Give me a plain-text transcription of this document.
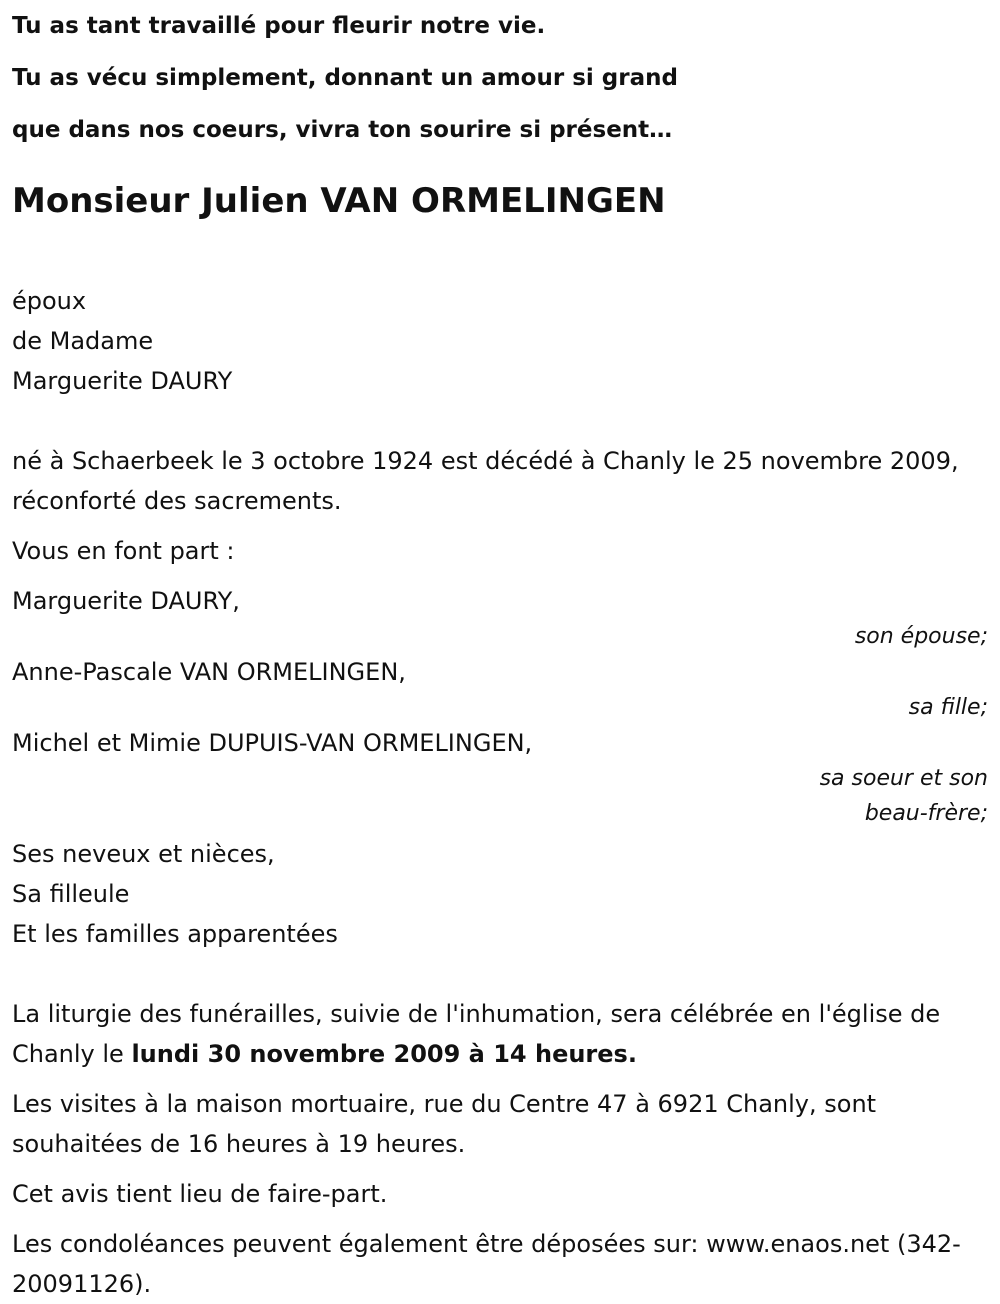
Tu as tant travaillé pour fleurir notre vie.
Tu as vécu simplement, donnant un amour si grand
que dans nos coeurs, vivra ton sourire si présent…
Monsieur Julien VAN ORMELINGEN

époux

de Madame

Marguerite DAURY

né à Schaerbeek le 3 octobre 1924 est décédé à Chanly le 25 novembre 2009, réconforté des sacrements.

Vous en font part :

Marguerite DAURY,

son épouse;

Anne-Pascale VAN ORMELINGEN,

sa fille;

Michel et Mimie DUPUIS-VAN ORMELINGEN,

sa soeur et son
beau-frère;

Ses neveux et nièces,

Sa filleule

Et les familles apparentées

La liturgie des funérailles, suivie de l'inhumation, sera célébrée en l'église de Chanly le lundi 30 novembre 2009 à 14 heures.

Les visites à la maison mortuaire, rue du Centre 47 à 6921 Chanly, sont souhaitées de 16 heures à 19 heures.

Cet avis tient lieu de faire-part.

Les condoléances peuvent également être déposées sur: www.enaos.net (342-20091126).
